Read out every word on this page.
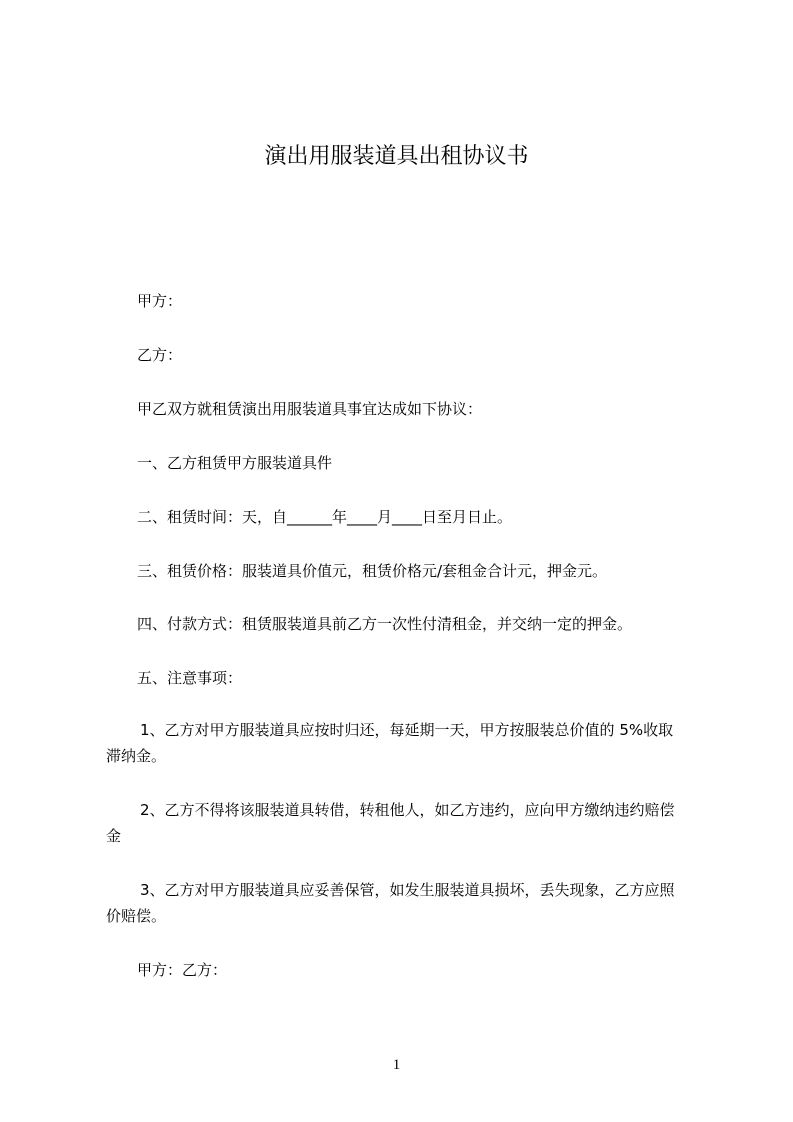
演出用服装道具出租协议书
甲方：
乙方：
甲乙双方就租赁演出用服装道具事宜达成如下协议：
一、乙方租赁甲方服装道具件
二、租赁时间：天，自______年____月____日至月日止。
三、租赁价格：服装道具价值元，租赁价格元/套租金合计元，押金元。
四、付款方式：租赁服装道具前乙方一次性付清租金，并交纳一定的押金。
五、注意事项：
1、乙方对甲方服装道具应按时归还，每延期一天，甲方按服装总价值的 5%收取
滞纳金。
2、乙方不得将该服装道具转借，转租他人，如乙方违约，应向甲方缴纳违约赔偿
金
3、乙方对甲方服装道具应妥善保管，如发生服装道具损坏，丢失现象，乙方应照
价赔偿。
甲方：乙方：
1
